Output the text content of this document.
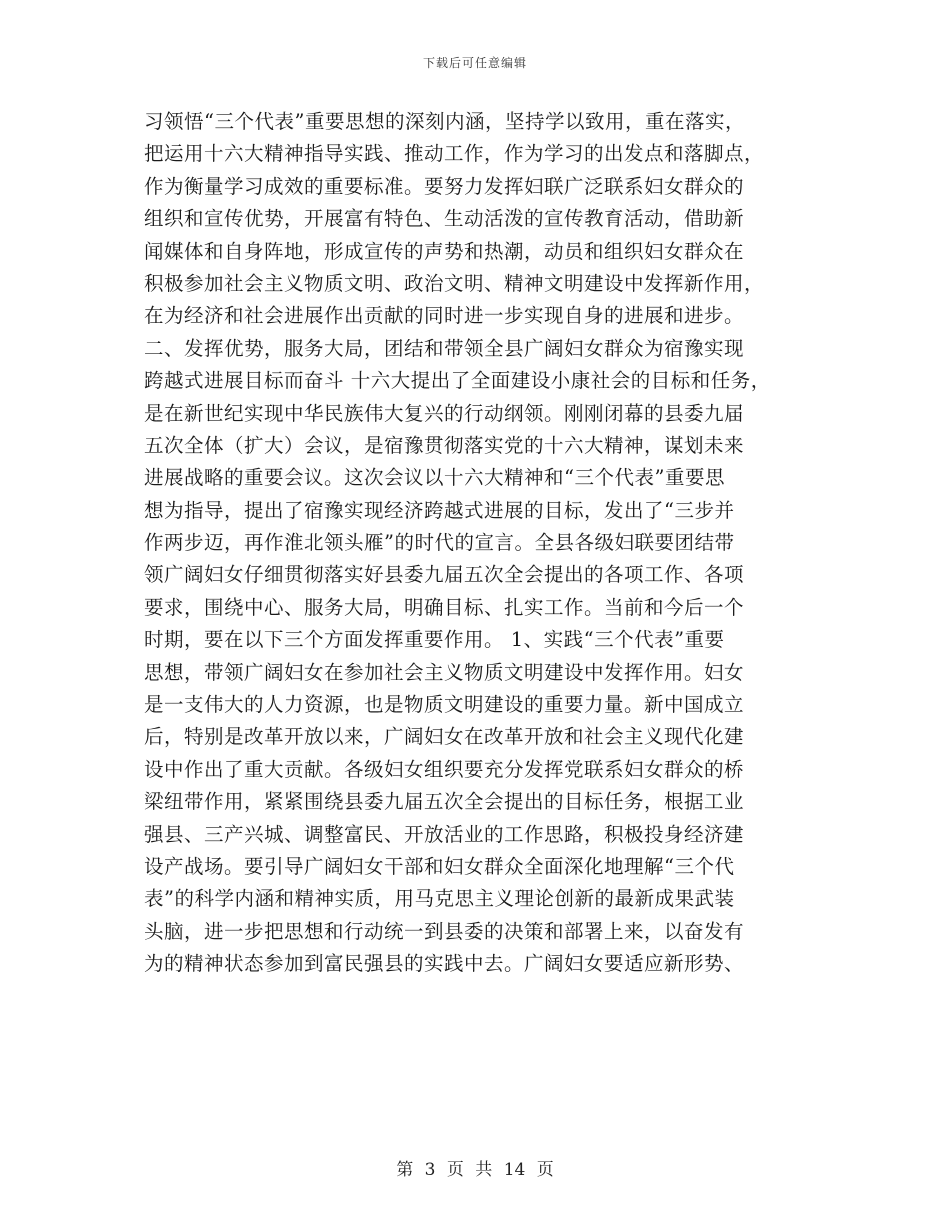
下载后可任意编辑
习领悟“三个代表”重要思想的深刻内涵，坚持学以致用，重在落实，
把运用十六大精神指导实践、推动工作，作为学习的出发点和落脚点，
作为衡量学习成效的重要标准。要努力发挥妇联广泛联系妇女群众的
组织和宣传优势，开展富有特色、生动活泼的宣传教育活动，借助新
闻媒体和自身阵地，形成宣传的声势和热潮，动员和组织妇女群众在
积极参加社会主义物质文明、政治文明、精神文明建设中发挥新作用，
在为经济和社会进展作出贡献的同时进一步实现自身的进展和进步。
二、发挥优势，服务大局，团结和带领全县广阔妇女群众为宿豫实现
跨越式进展目标而奋斗 十六大提出了全面建设小康社会的目标和任务，
是在新世纪实现中华民族伟大复兴的行动纲领。刚刚闭幕的县委九届
五次全体（扩大）会议，是宿豫贯彻落实党的十六大精神，谋划未来
进展战略的重要会议。这次会议以十六大精神和“三个代表”重要思
想为指导，提出了宿豫实现经济跨越式进展的目标，发出了“三步并
作两步迈，再作淮北领头雁”的时代的宣言。全县各级妇联要团结带
领广阔妇女仔细贯彻落实好县委九届五次全会提出的各项工作、各项
要求，围绕中心、服务大局，明确目标、扎实工作。当前和今后一个
时期，要在以下三个方面发挥重要作用。 1、实践“三个代表”重要
思想，带领广阔妇女在参加社会主义物质文明建设中发挥作用。妇女
是一支伟大的人力资源，也是物质文明建设的重要力量。新中国成立
后，特别是改革开放以来，广阔妇女在改革开放和社会主义现代化建
设中作出了重大贡献。各级妇女组织要充分发挥党联系妇女群众的桥
梁纽带作用，紧紧围绕县委九届五次全会提出的目标任务，根据工业
强县、三产兴城、调整富民、开放活业的工作思路，积极投身经济建
设产战场。要引导广阔妇女干部和妇女群众全面深化地理解“三个代
表”的科学内涵和精神实质，用马克思主义理论创新的最新成果武装
头脑，进一步把思想和行动统一到县委的决策和部署上来，以奋发有
为的精神状态参加到富民强县的实践中去。广阔妇女要适应新形势、
第 3 页 共 14 页
